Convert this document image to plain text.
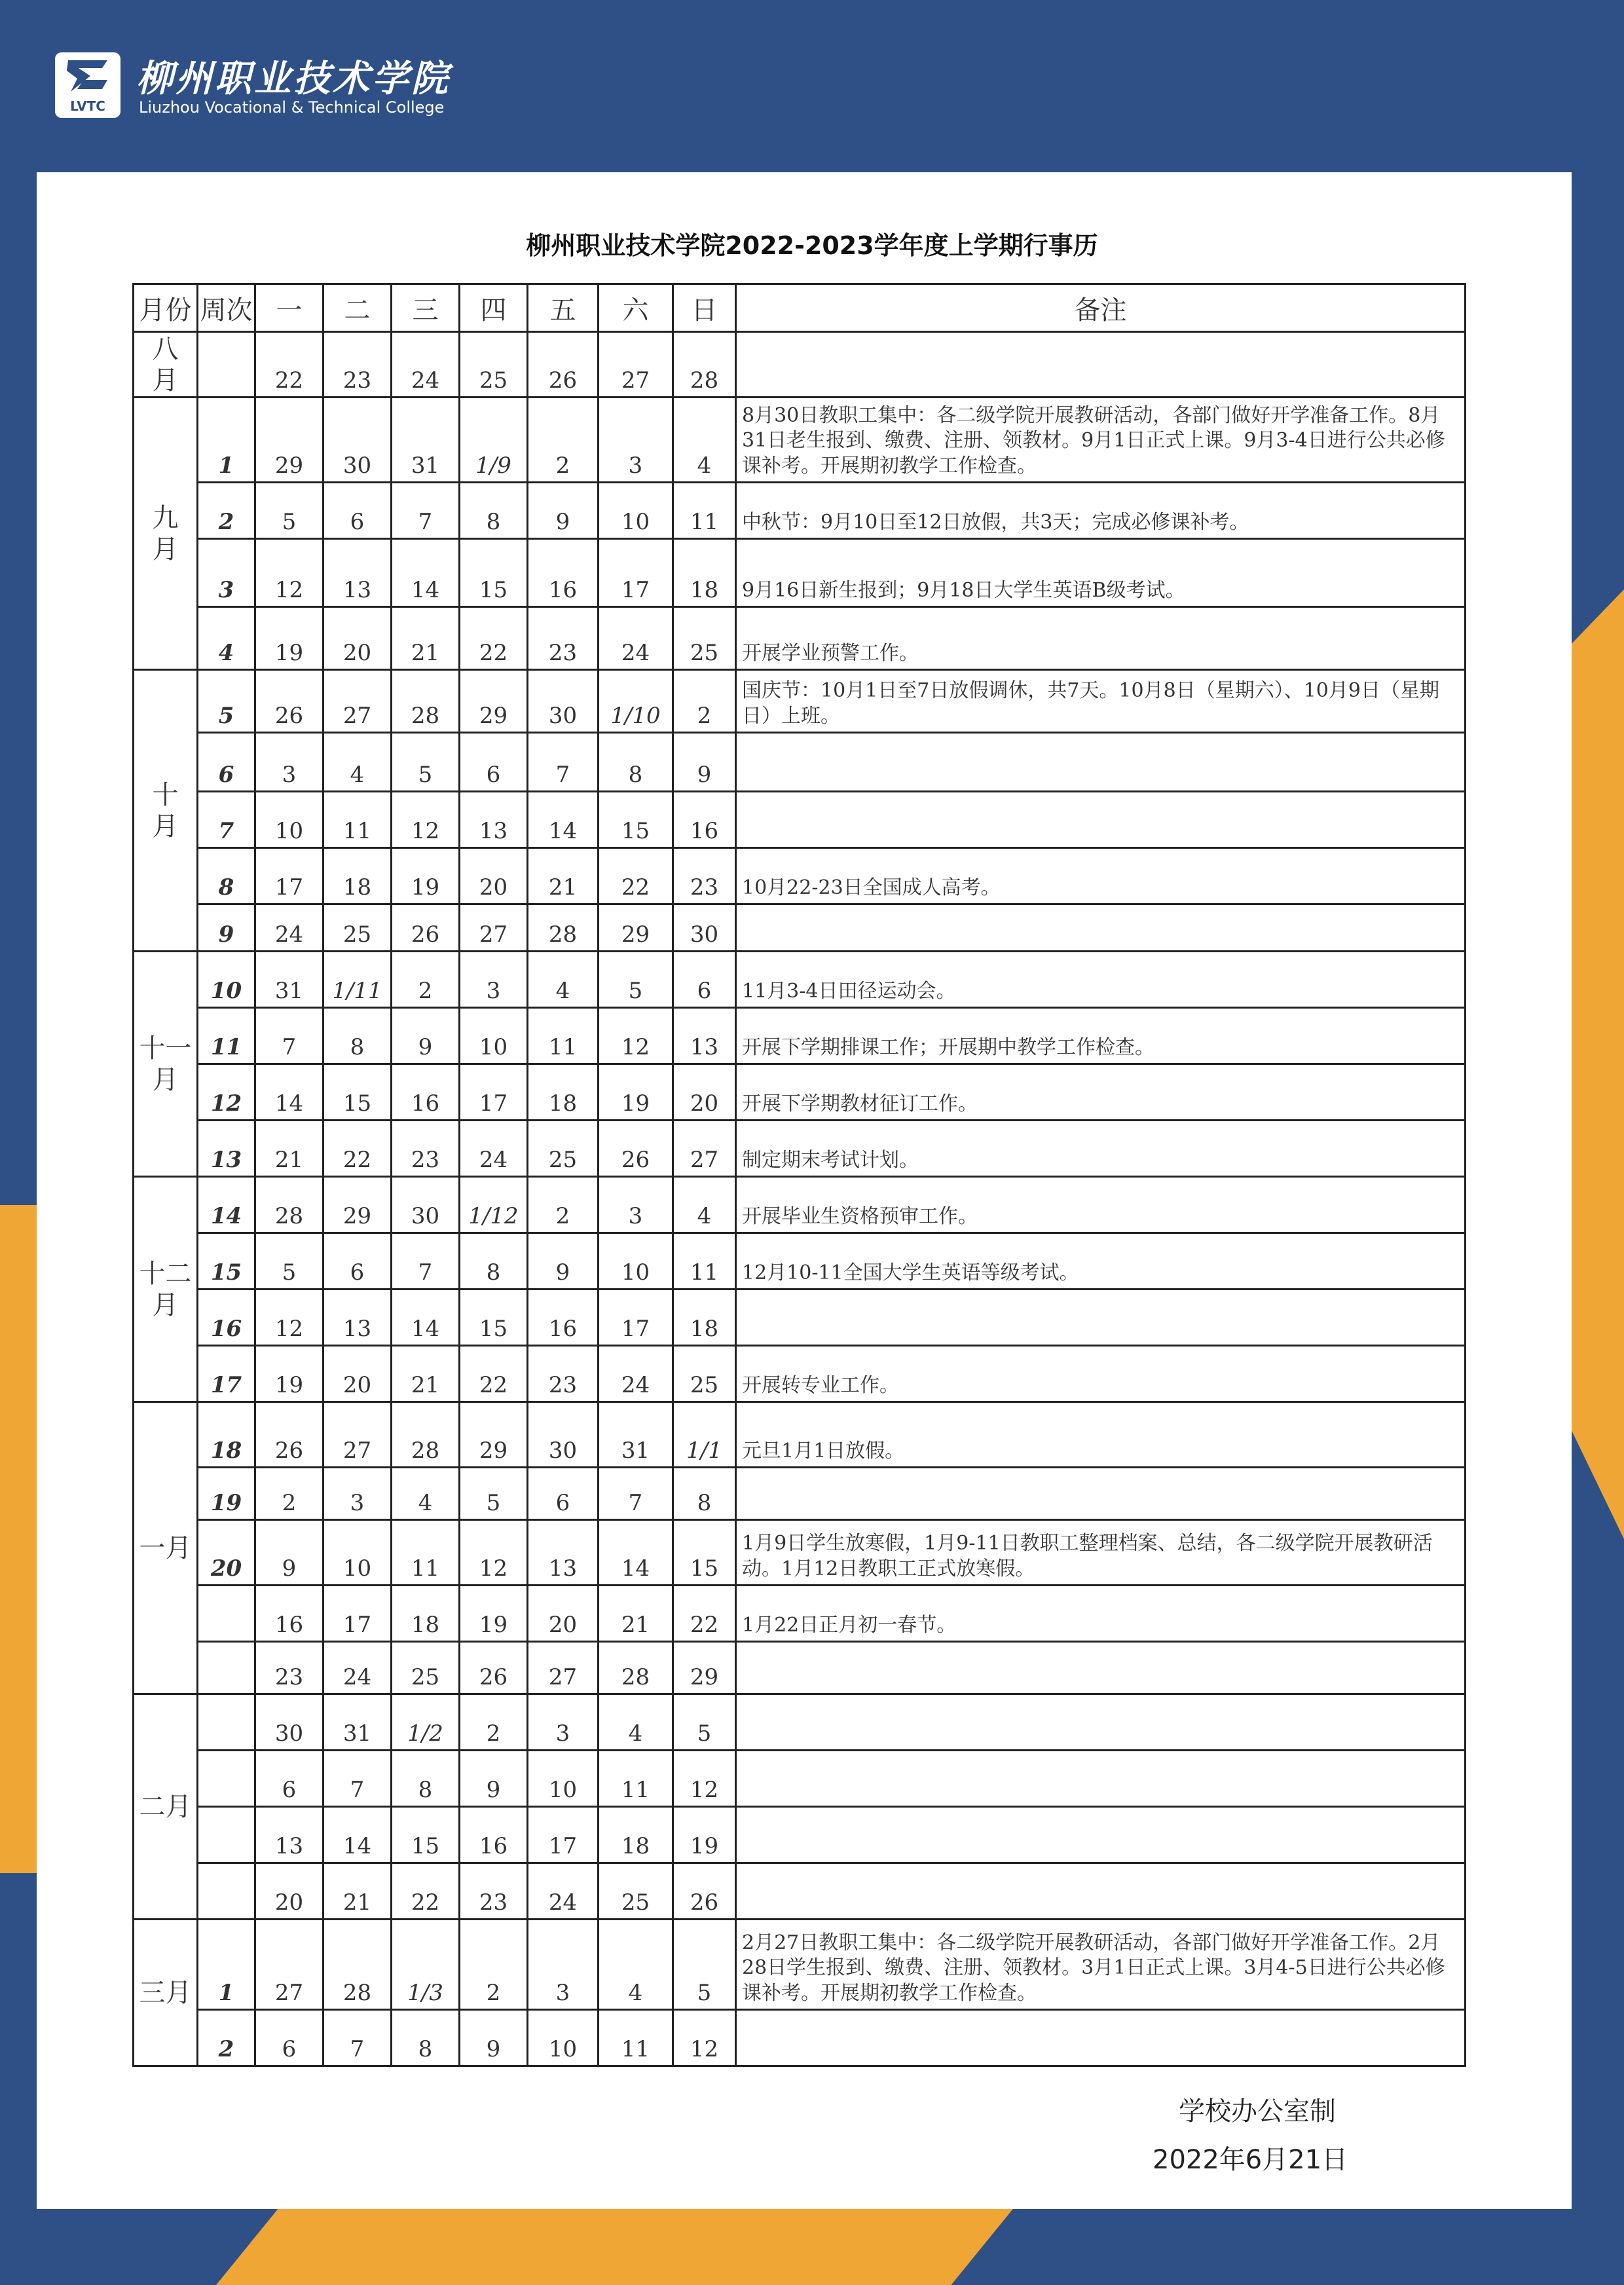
LVTC
柳州职业技术学院
Liuzhou Vocational & Technical College
柳州职业技术学院2022-2023学年度上学期行事历
月份	周次	一	二	三	四	五	六	日	备注
八
月		22	23	24	25	26	27	28	
九
月	1	29	30	31	1/9	2	3	4	8月30日教职工集中：各二级学院开展教研活动，各部门做好开学准备工作。8月31日老生报到、缴费、注册、领教材。9月1日正式上课。9月3-4日进行公共必修课补考。开展期初教学工作检查。
	2	5	6	7	8	9	10	11	中秋节：9月10日至12日放假，共3天；完成必修课补考。
	3	12	13	14	15	16	17	18	9月16日新生报到；9月18日大学生英语B级考试。
	4	19	20	21	22	23	24	25	开展学业预警工作。
十
月	5	26	27	28	29	30	1/10	2	国庆节：10月1日至7日放假调休，共7天。10月8日（星期六）、10月9日（星期日）上班。
	6	3	4	5	6	7	8	9	
	7	10	11	12	13	14	15	16	
	8	17	18	19	20	21	22	23	10月22-23日全国成人高考。
	9	24	25	26	27	28	29	30	
十一
月	10	31	1/11	2	3	4	5	6	11月3-4日田径运动会。
	11	7	8	9	10	11	12	13	开展下学期排课工作；开展期中教学工作检查。
	12	14	15	16	17	18	19	20	开展下学期教材征订工作。
	13	21	22	23	24	25	26	27	制定期末考试计划。
十二
月	14	28	29	30	1/12	2	3	4	开展毕业生资格预审工作。
	15	5	6	7	8	9	10	11	12月10-11全国大学生英语等级考试。
	16	12	13	14	15	16	17	18	
	17	19	20	21	22	23	24	25	开展转专业工作。
一月	18	26	27	28	29	30	31	1/1	元旦1月1日放假。
	19	2	3	4	5	6	7	8	
	20	9	10	11	12	13	14	15	1月9日学生放寒假，1月9-11日教职工整理档案、总结，各二级学院开展教研活动。1月12日教职工正式放寒假。
		16	17	18	19	20	21	22	1月22日正月初一春节。
		23	24	25	26	27	28	29	
二月		30	31	1/2	2	3	4	5	
		6	7	8	9	10	11	12	
		13	14	15	16	17	18	19	
		20	21	22	23	24	25	26	
三月	1	27	28	1/3	2	3	4	5	2月27日教职工集中：各二级学院开展教研活动，各部门做好开学准备工作。2月28日学生报到、缴费、注册、领教材。3月1日正式上课。3月4-5日进行公共必修课补考。开展期初教学工作检查。
	2	6	7	8	9	10	11	12	
学校办公室制
2022年6月21日
